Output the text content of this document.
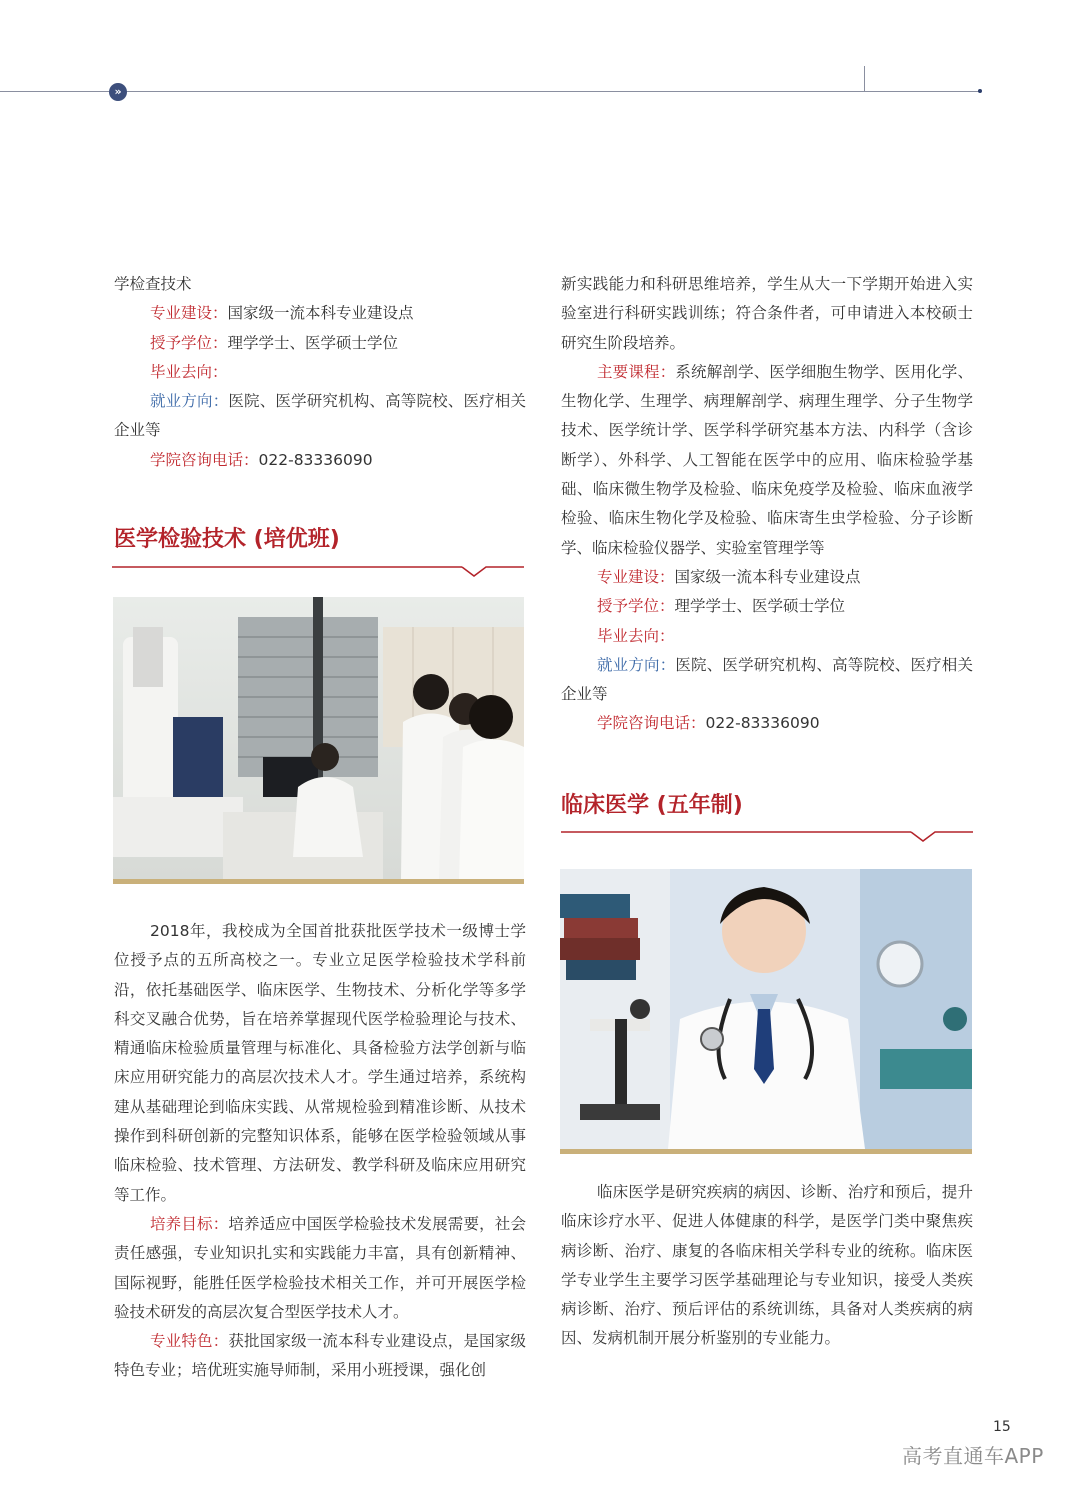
»

学检查技术

专业建设：国家级一流本科专业建设点

授予学位：理学学士、医学硕士学位

毕业去向：

就业方向：医院、医学研究机构、高等院校、医疗相关企业等

学院咨询电话：022-83336090

医学检验技术 (培优班)

2018年，我校成为全国首批获批医学技术一级博士学位授予点的五所高校之一。专业立足医学检验技术学科前沿，依托基础医学、临床医学、生物技术、分析化学等多学科交叉融合优势，旨在培养掌握现代医学检验理论与技术、精通临床检验质量管理与标准化、具备检验方法学创新与临床应用研究能力的高层次技术人才。学生通过培养，系统构建从基础理论到临床实践、从常规检验到精准诊断、从技术操作到科研创新的完整知识体系，能够在医学检验领域从事临床检验、技术管理、方法研发、教学科研及临床应用研究等工作。

培养目标：培养适应中国医学检验技术发展需要，社会责任感强，专业知识扎实和实践能力丰富，具有创新精神、国际视野，能胜任医学检验技术相关工作，并可开展医学检验技术研发的高层次复合型医学技术人才。

专业特色：获批国家级一流本科专业建设点，是国家级特色专业；培优班实施导师制，采用小班授课，强化创

新实践能力和科研思维培养，学生从大一下学期开始进入实验室进行科研实践训练；符合条件者，可申请进入本校硕士研究生阶段培养。

主要课程：系统解剖学、医学细胞生物学、医用化学、生物化学、生理学、病理解剖学、病理生理学、分子生物学技术、医学统计学、医学科学研究基本方法、内科学（含诊断学）、外科学、人工智能在医学中的应用、临床检验学基础、临床微生物学及检验、临床免疫学及检验、临床血液学检验、临床生物化学及检验、临床寄生虫学检验、分子诊断学、临床检验仪器学、实验室管理学等

专业建设：国家级一流本科专业建设点

授予学位：理学学士、医学硕士学位

毕业去向：

就业方向：医院、医学研究机构、高等院校、医疗相关企业等

学院咨询电话：022-83336090

临床医学 (五年制)

临床医学是研究疾病的病因、诊断、治疗和预后，提升临床诊疗水平、促进人体健康的科学，是医学门类中聚焦疾病诊断、治疗、康复的各临床相关学科专业的统称。临床医学专业学生主要学习医学基础理论与专业知识，接受人类疾病诊断、治疗、预后评估的系统训练，具备对人类疾病的病因、发病机制开展分析鉴别的专业能力。

15
高考直通车APP
